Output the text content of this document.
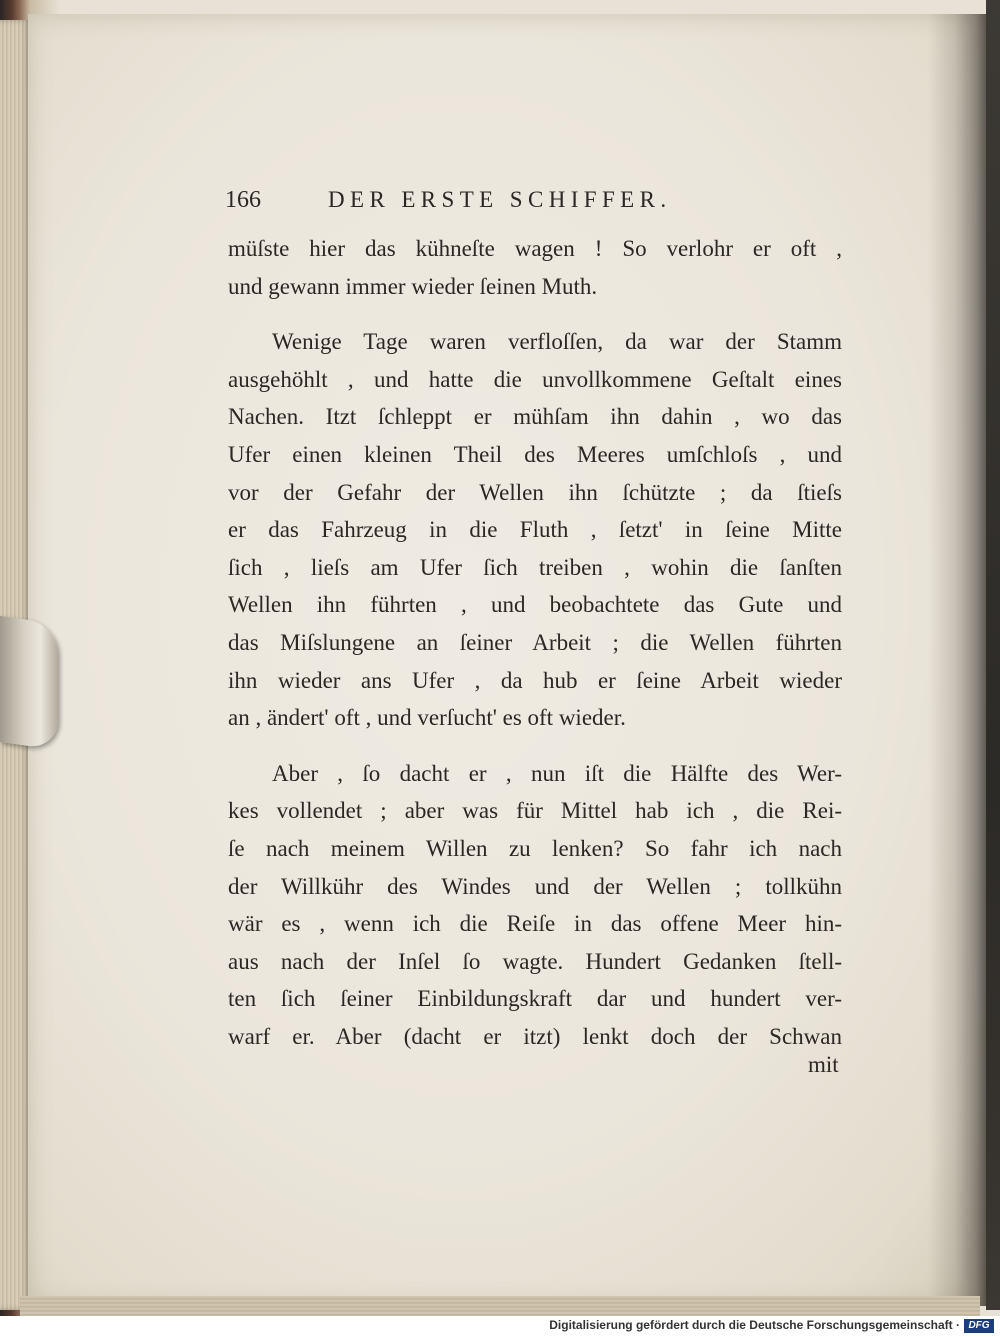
166	DER ERSTE SCHIFFER.
müſste hier das kühneſte wagen ! So verlohr er oft ,
und gewann immer wieder ſeinen Muth.
Wenige Tage waren verfloſſen, da war der Stamm
ausgehöhlt , und hatte die unvollkommene Geſtalt eines
Nachen. Itzt ſchleppt er mühſam ihn dahin , wo das
Ufer einen kleinen Theil des Meeres umſchloſs , und
vor der Gefahr der Wellen ihn ſchützte ; da ſtieſs
er das Fahrzeug in die Fluth , ſetzt' in ſeine Mitte
ſich , lieſs am Ufer ſich treiben , wohin die ſanſten
Wellen ihn führten , und beobachtete das Gute und
das Miſslungene an ſeiner Arbeit ; die Wellen führten
ihn wieder ans Ufer , da hub er ſeine Arbeit wieder
an , ändert' oft , und verſucht' es oft wieder.
Aber , ſo dacht er , nun iſt die Hälfte des Wer-
kes vollendet ; aber was für Mittel hab ich , die Rei-
ſe nach meinem Willen zu lenken? So fahr ich nach
der Willkühr des Windes und der Wellen ; tollkühn
wär es , wenn ich die Reiſe in das offene Meer hin-
aus nach der Inſel ſo wagte. Hundert Gedanken ſtell-
ten ſich ſeiner Einbildungskraft dar und hundert ver-
warf er. Aber (dacht er itzt) lenkt doch der Schwan
mit
Digitalisierung gefördert durch die Deutsche Forschungsgemeinschaft · DFG
